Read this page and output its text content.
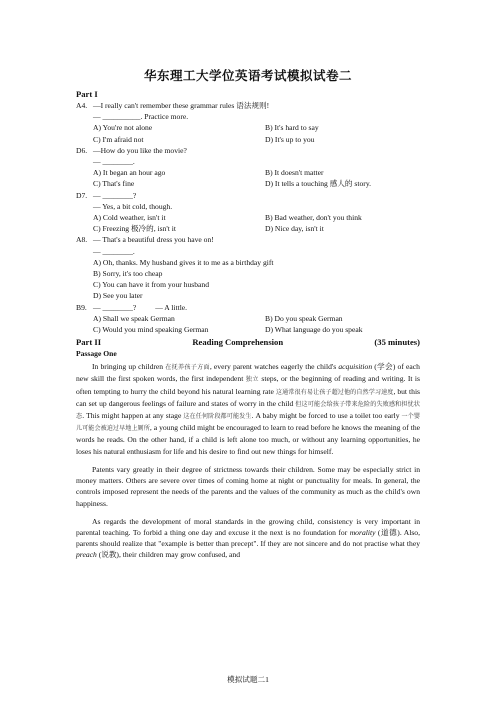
华东理工大学位英语考试模拟试卷二
Part I
A4. —I really can't remember these grammar rules 语法规则!
— __________. Practice more.
A) You're not alone	B) It's hard to say
C) I'm afraid not	D) It's up to you
D6. —How do you like the movie?
— ________.
A) It began an hour ago	B) It doesn't matter
C) That's fine	D) It tells a touching 感人的 story.
D7. — ________?
— Yes, a bit cold, though.
A) Cold weather, isn't it	B) Bad weather, don't you think
C) Freezing 极冷的, isn't it	D) Nice day, isn't it
A8. — That's a beautiful dress you have on!
— ________.
A) Oh, thanks. My husband gives it to me as a birthday gift
B) Sorry, it's too cheap
C) You can have it from your husband
D) See you later
B9. — ________?          — A little.
A) Shall we speak German	B) Do you speak German
C) Would you mind speaking German	D) What language do you speak
Part II	Reading Comprehension	(35 minutes)
Passage One

In bringing up children 在抚养孩子方面, every parent watches eagerly the child's acquisition (学会) of each new skill the first spoken words, the first independent 独立 steps, or the beginning of reading and writing. It is often tempting to hurry the child beyond his natural learning rate 这通常很有易让孩子超过他的自然学习速度, but this can set up dangerous feelings of failure and states of worry in the child 但这可能会给孩子带来危险的失败感和担忧状态. This might happen at any stage 这在任何阶段都可能发生. A baby might be forced to use a toilet too early 一个婴儿可能会被迫过早地上厕所, a young child might be encouraged to learn to read before he knows the meaning of the words he reads. On the other hand, if a child is left alone too much, or without any learning opportunities, he loses his natural enthusiasm for life and his desire to find out new things for himself.

Patents vary greatly in their degree of strictness towards their children. Some may be especially strict in money matters. Others are severe over times of coming home at night or punctuality for meals. In general, the controls imposed represent the needs of the parents and the values of the community as much as the child's own happiness.

As regards the development of moral standards in the growing child, consistency is very important in parental teaching. To forbid a thing one day and excuse it the next is no foundation for morality (道德). Also, parents should realize that "example is better than precept". If they are not sincere and do not practise what they preach (说教), their children may grow confused, and

模拟试题二1
